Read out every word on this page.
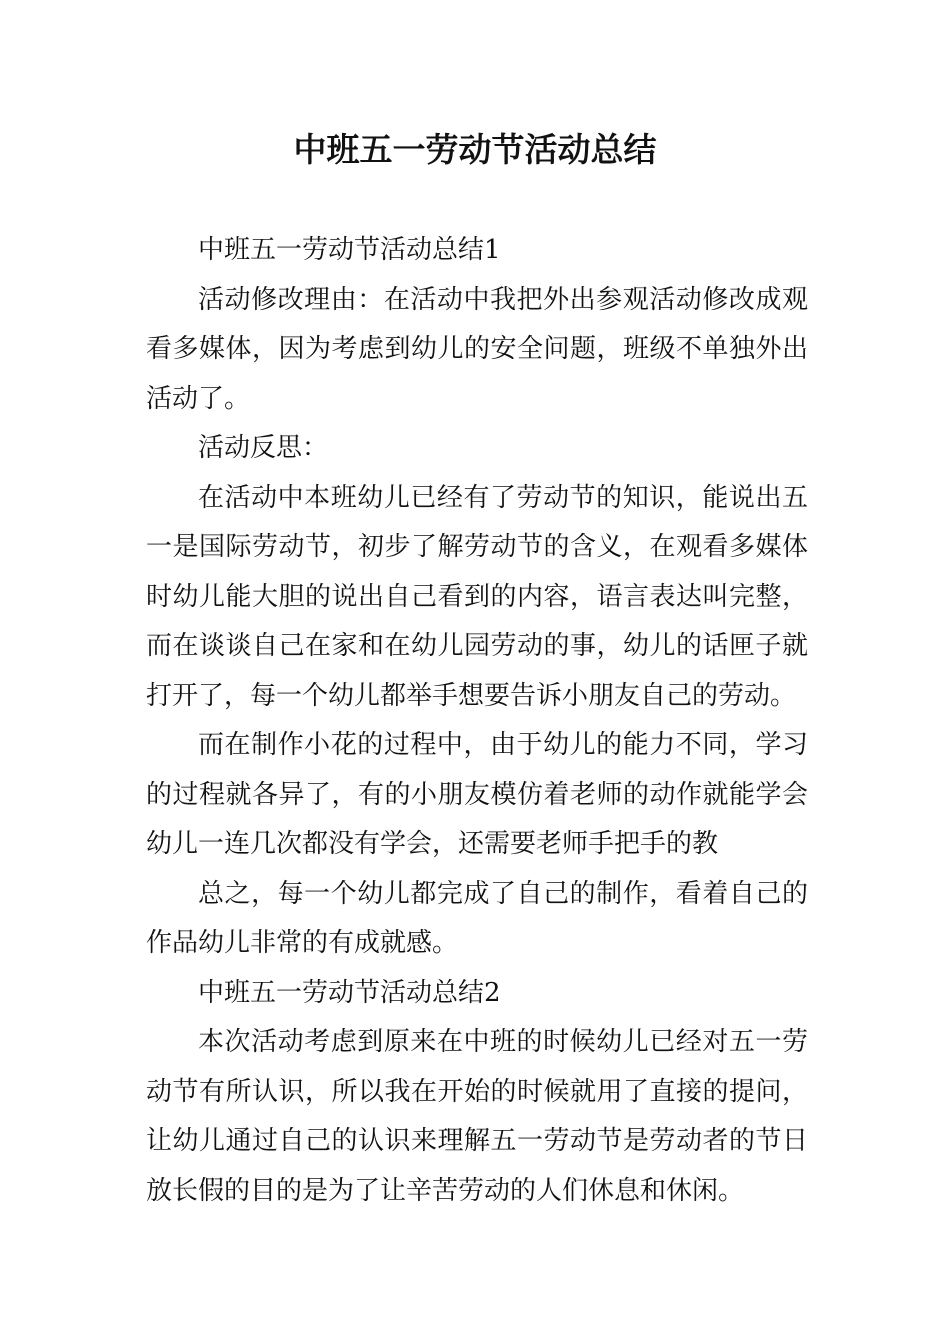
中班五一劳动节活动总结

中班五一劳动节活动总结1

活动修改理由：在活动中我把外出参观活动修改成观看多媒体，因为考虑到幼儿的安全问题，班级不单独外出活动了。

活动反思：

在活动中本班幼儿已经有了劳动节的知识，能说出五一是国际劳动节，初步了解劳动节的含义，在观看多媒体时幼儿能大胆的说出自己看到的内容，语言表达叫完整，而在谈谈自己在家和在幼儿园劳动的事，幼儿的话匣子就打开了，每一个幼儿都举手想要告诉小朋友自己的劳动。

而在制作小花的过程中，由于幼儿的能力不同，学习的过程就各异了，有的小朋友模仿着老师的动作就能学会幼儿一连几次都没有学会，还需要老师手把手的教

总之，每一个幼儿都完成了自己的制作，看着自己的作品幼儿非常的有成就感。

中班五一劳动节活动总结2

本次活动考虑到原来在中班的时候幼儿已经对五一劳动节有所认识，所以我在开始的时候就用了直接的提问，让幼儿通过自己的认识来理解五一劳动节是劳动者的节日放长假的目的是为了让辛苦劳动的人们休息和休闲。
